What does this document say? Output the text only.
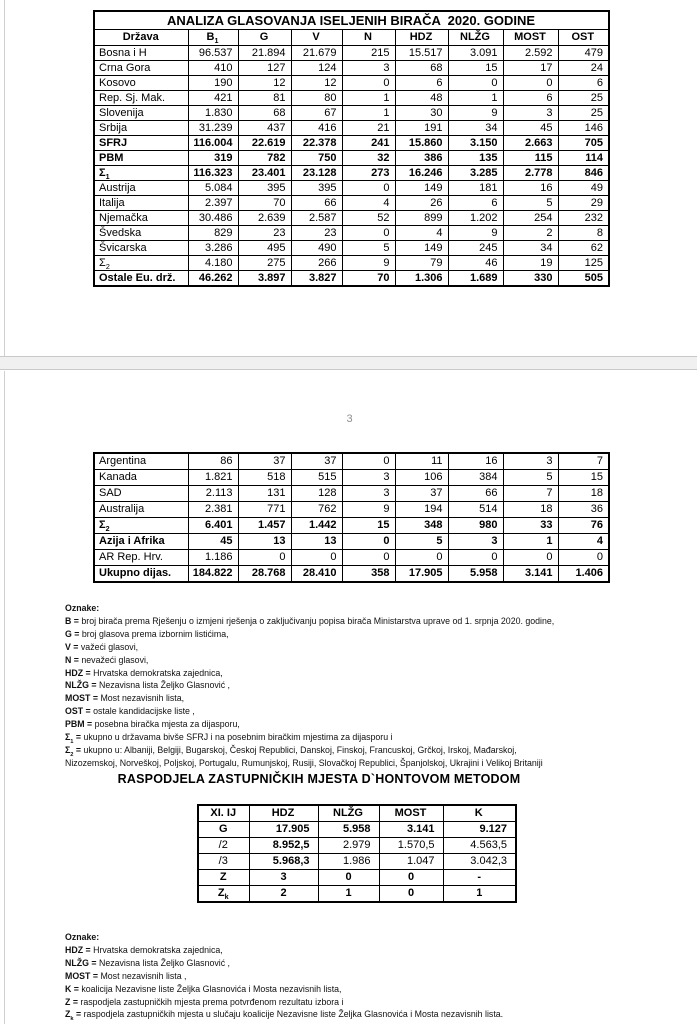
ANALIZA GLASOVANJA ISELJENIH BIRAČA  2020. GODINE								
Država	$B_1$	G	V	N	HDZ	NLŽG	MOST	OST
Bosna i H	96.537	21.894	21.679	215	15.517	3.091	2.592	479
Crna Gora	410	127	124	3	68	15	17	24
Kosovo	190	12	12	0	6	0	0	6
Rep. Sj. Mak.	421	81	80	1	48	1	6	25
Slovenija	1.830	68	67	1	30	9	3	25
Srbija	31.239	437	416	21	191	34	45	146
SFRJ	116.004	22.619	22.378	241	15.860	3.150	2.663	705
PBM	319	782	750	32	386	135	115	114
$\Sigma_1$	116.323	23.401	23.128	273	16.246	3.285	2.778	846
Austrija	5.084	395	395	0	149	181	16	49
Italija	2.397	70	66	4	26	6	5	29
Njemačka	30.486	2.639	2.587	52	899	1.202	254	232
Švedska	829	23	23	0	4	9	2	8
Švicarska	3.286	495	490	5	149	245	34	62
$\Sigma_2$	4.180	275	266	9	79	46	19	125
Ostale Eu. drž.	46.262	3.897	3.827	70	1.306	1.689	330	505
3
Argentina	86	37	37	0	11	16	3	7
Kanada	1.821	518	515	3	106	384	5	15
SAD	2.113	131	128	3	37	66	7	18
Australija	2.381	771	762	9	194	514	18	36
$\Sigma_2$	6.401	1.457	1.442	15	348	980	33	76
Azija i Afrika	45	13	13	0	5	3	1	4
AR Rep. Hrv.	1.186	0	0	0	0	0	0	0
Ukupno dijas.	184.822	28.768	28.410	358	17.905	5.958	3.141	1.406
Oznake:
B = broj birača prema Rješenju o izmjeni rješenja o zaključivanju popisa birača Ministarstva uprave od 1. srpnja 2020. godine,
G = broj glasova prema izbornim listićima,
V = važeći glasovi,
N = nevažeći glasovi,
HDZ = Hrvatska demokratska zajednica,
NLŽG = Nezavisna lista Željko Glasnović ,
MOST = Most nezavisnih lista,
OST = ostale kandidacijske liste ,
PBM = posebna biračka mjesta za dijasporu,
$\Sigma_1$ = ukupno u državama bivše SFRJ i na posebnim biračkim mjestima za dijasporu i
$\Sigma_2$ = ukupno u: Albaniji, Belgiji, Bugarskoj, Českoj Republici, Danskoj, Finskoj, Francuskoj, Grčkoj, Irskoj, Mađarskoj,
Nizozemskoj, Norveškoj, Poljskoj, Portugalu, Rumunjskoj, Rusiji, Slovačkoj Republici, Španjolskoj, Ukrajini i Velikoj Britaniji
RASPODJELA ZASTUPNIČKIH MJESTA D`HONTOVOM METODOM
XI. IJ	HDZ	NLŽG	MOST	K
G	17.905	5.958	3.141	9.127
/2	8.952,5	2.979	1.570,5	4.563,5
/3	5.968,3	1.986	1.047	3.042,3
Z	3	0	0	-
$Z_k$	2	1	0	1
Oznake:
HDZ = Hrvatska demokratska zajednica,
NLŽG = Nezavisna lista Željko Glasnović ,
MOST = Most nezavisnih lista ,
K = koalicija Nezavisne liste Željka Glasnovića i Mosta nezavisnih lista,
Z = raspodjela zastupničkih mjesta prema potvrđenom rezultatu izbora i
$Z_k$ = raspodjela zastupničkih mjesta u slučaju koalicije Nezavisne liste Željka Glasnovića i Mosta nezavisnih lista.
